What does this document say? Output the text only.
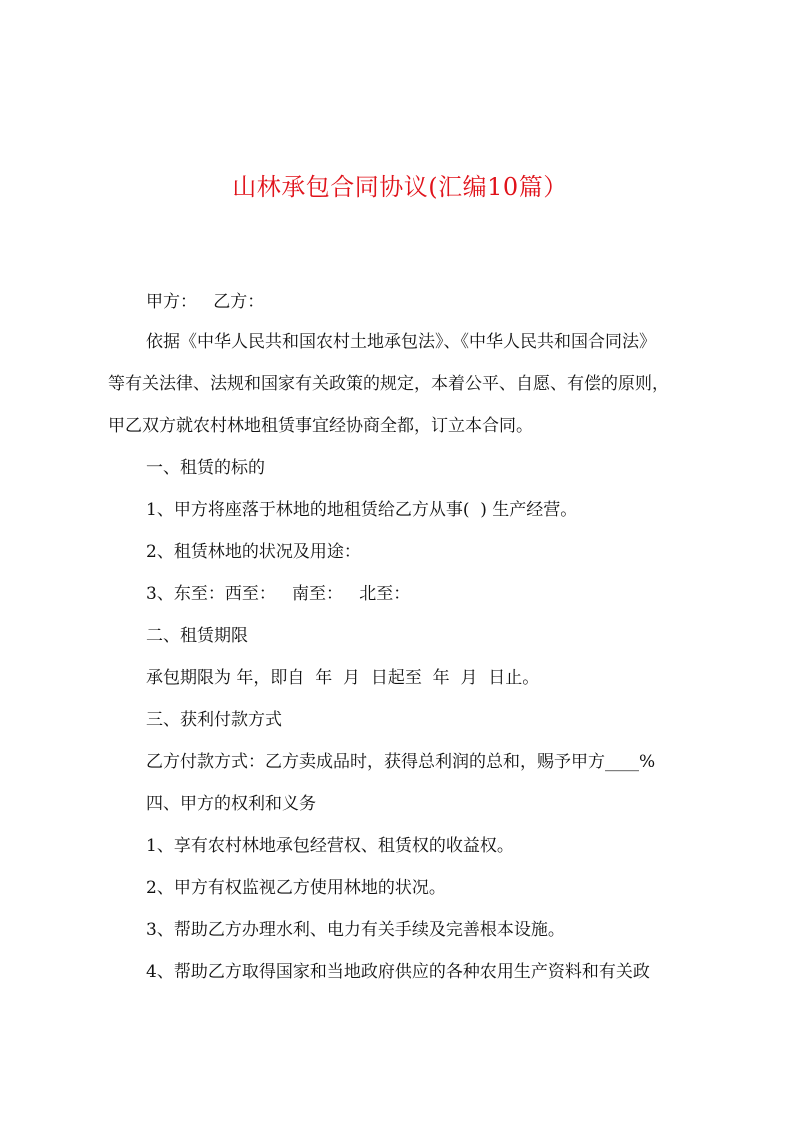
山林承包合同协议(汇编10篇）
甲方：   乙方：
依据《中华人民共和国农村土地承包法》、《中华人民共和国合同法》
等有关法律、法规和国家有关政策的规定，本着公平、自愿、有偿的原则，
甲乙双方就农村林地租赁事宜经协商全都，订立本合同。
一、租赁的标的
1、甲方将座落于林地的地租赁给乙方从事(  ) 生产经营。
2、租赁林地的状况及用途：
3、东至：西至：   南至：   北至：
二、租赁期限
承包期限为 年，即自  年  月  日起至  年  月  日止。
三、获利付款方式
乙方付款方式：乙方卖成品时，获得总利润的总和，赐予甲方____%
四、甲方的权利和义务
1、享有农村林地承包经营权、租赁权的收益权。
2、甲方有权监视乙方使用林地的状况。
3、帮助乙方办理水利、电力有关手续及完善根本设施。
4、帮助乙方取得国家和当地政府供应的各种农用生产资料和有关政
